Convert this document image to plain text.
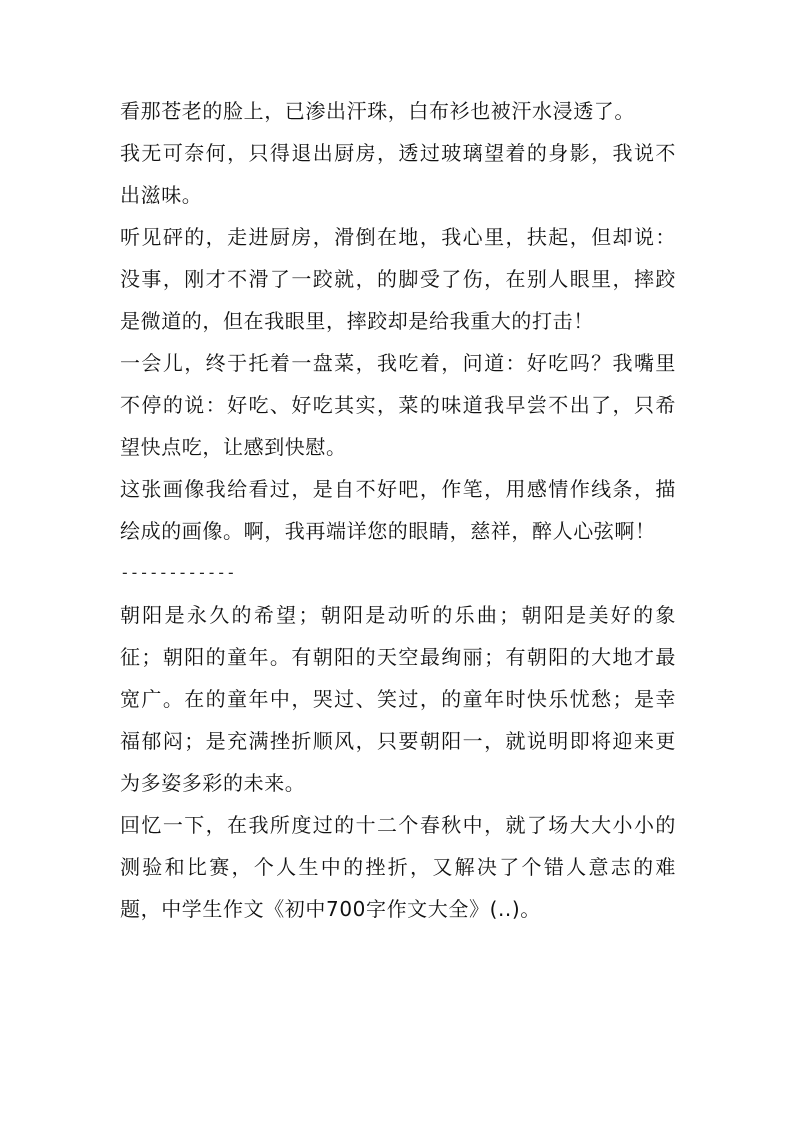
看那苍老的脸上，已渗出汗珠，白布衫也被汗水浸透了。

我无可奈何，只得退出厨房，透过玻璃望着的身影，我说不出滋味。

听见砰的，走进厨房，滑倒在地，我心里，扶起，但却说：没事，刚才不滑了一跤就，的脚受了伤，在别人眼里，摔跤是微道的，但在我眼里，摔跤却是给我重大的打击！

一会儿，终于托着一盘菜，我吃着，问道：好吃吗？我嘴里不停的说：好吃、好吃其实，菜的味道我早尝不出了，只希望快点吃，让感到快慰。

这张画像我给看过，是自不好吧，作笔，用感情作线条，描绘成的画像。啊，我再端详您的眼睛，慈祥，醉人心弦啊！

------------

朝阳是永久的希望；朝阳是动听的乐曲；朝阳是美好的象征；朝阳的童年。有朝阳的天空最绚丽；有朝阳的大地才最宽广。在的童年中，哭过、笑过，的童年时快乐忧愁；是幸福郁闷；是充满挫折顺风，只要朝阳一，就说明即将迎来更为多姿多彩的未来。

回忆一下，在我所度过的十二个春秋中，就了场大大小小的测验和比赛，个人生中的挫折，又解决了个错人意志的难题，中学生作文《初中700字作文大全》(..)。
